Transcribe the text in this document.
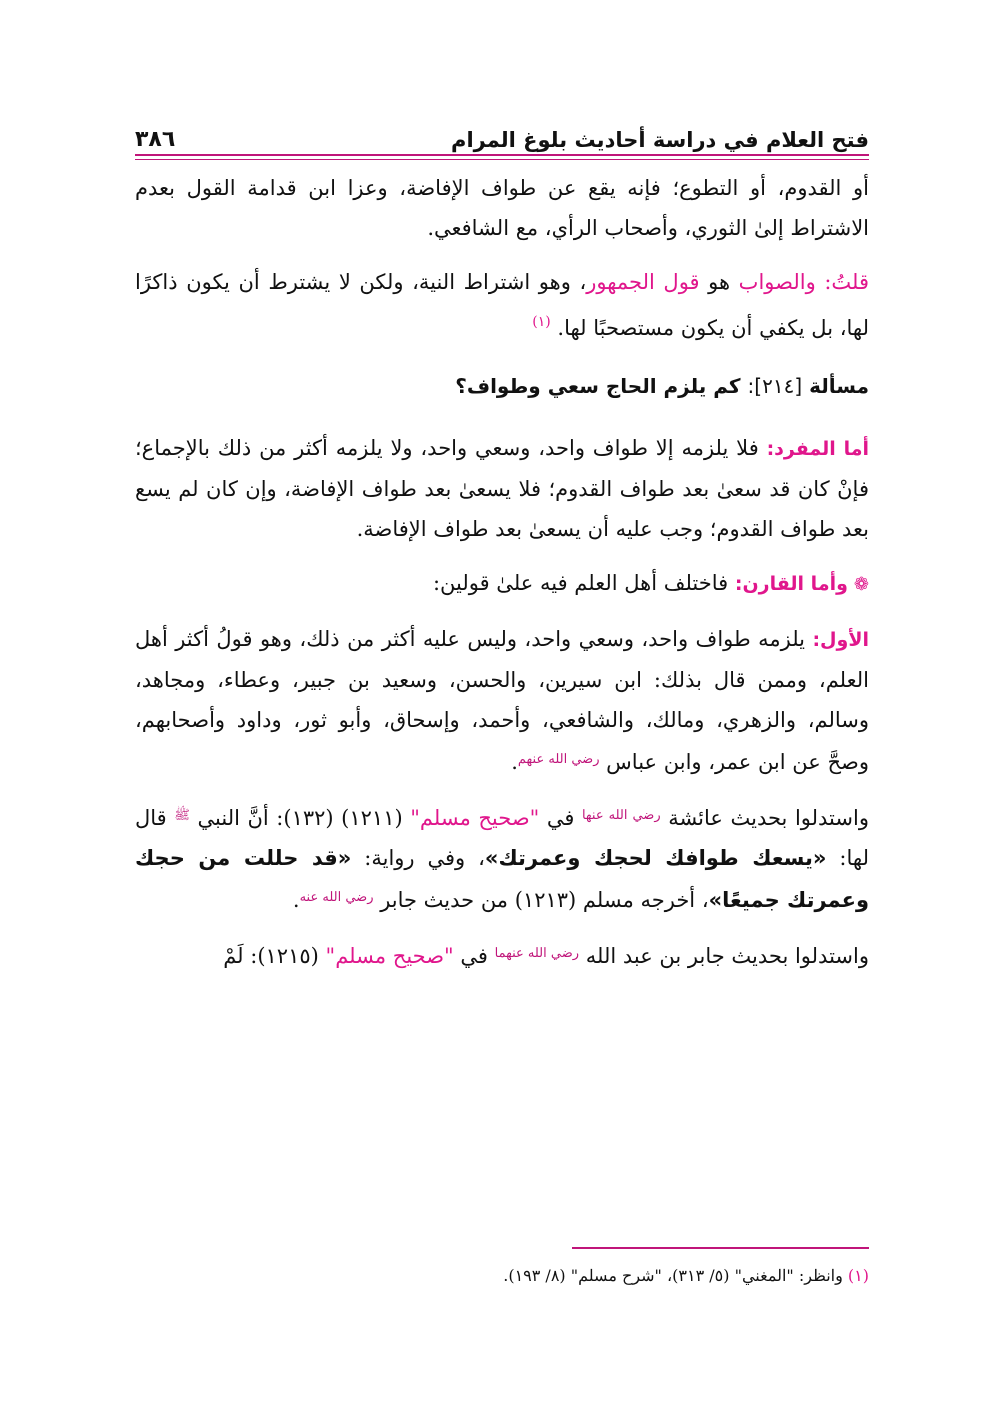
فتح العلام في دراسة أحاديث بلوغ المرام
٣٨٦

أو القدوم، أو التطوع؛ فإنه يقع عن طواف الإفاضة، وعزا ابن قدامة القول بعدم الاشتراط إلىٰ الثوري، وأصحاب الرأي، مع الشافعي.

قلتُ: والصواب هو قول الجمهور، وهو اشتراط النية، ولكن لا يشترط أن يكون ذاكرًا لها، بل يكفي أن يكون مستصحبًا لها. $^{(١)}$

مسألة [٢١٤]: كم يلزم الحاج سعي وطواف؟

أما المفرد: فلا يلزمه إلا طواف واحد، وسعي واحد، ولا يلزمه أكثر من ذلك بالإجماع؛ فإنْ كان قد سعىٰ بعد طواف القدوم؛ فلا يسعىٰ بعد طواف الإفاضة، وإن كان لم يسع بعد طواف القدوم؛ وجب عليه أن يسعىٰ بعد طواف الإفاضة.

❁وأما القارن: فاختلف أهل العلم فيه علىٰ قولين:

الأول: يلزمه طواف واحد، وسعي واحد، وليس عليه أكثر من ذلك، وهو قولُ أكثر أهل العلم، وممن قال بذلك: ابن سيرين، والحسن، وسعيد بن جبير، وعطاء، ومجاهد، وسالم، والزهري، ومالك، والشافعي، وأحمد، وإسحاق، وأبو ثور، وداود وأصحابهم، وصحَّ عن ابن عمر، وابن عباس $^{رضي الله عنهم}$.

واستدلوا بحديث عائشة $^{رضي الله عنها}$ في "صحيح مسلم" (١٢١١) (١٣٢): أنَّ النبي $^ﷺ$ قال لها: «يسعك طوافك لحجك وعمرتك»، وفي رواية: «قد حللت من حجك وعمرتك جميعًا»، أخرجه مسلم (١٢١٣) من حديث جابر $^{رضي الله عنه}$.

واستدلوا بحديث جابر بن عبد الله $^{رضي الله عنهما}$ في "صحيح مسلم" (١٢١٥): لَمْ

(١) وانظر: "المغني" (٥/ ٣١٣)، "شرح مسلم" (٨/ ١٩٣).
